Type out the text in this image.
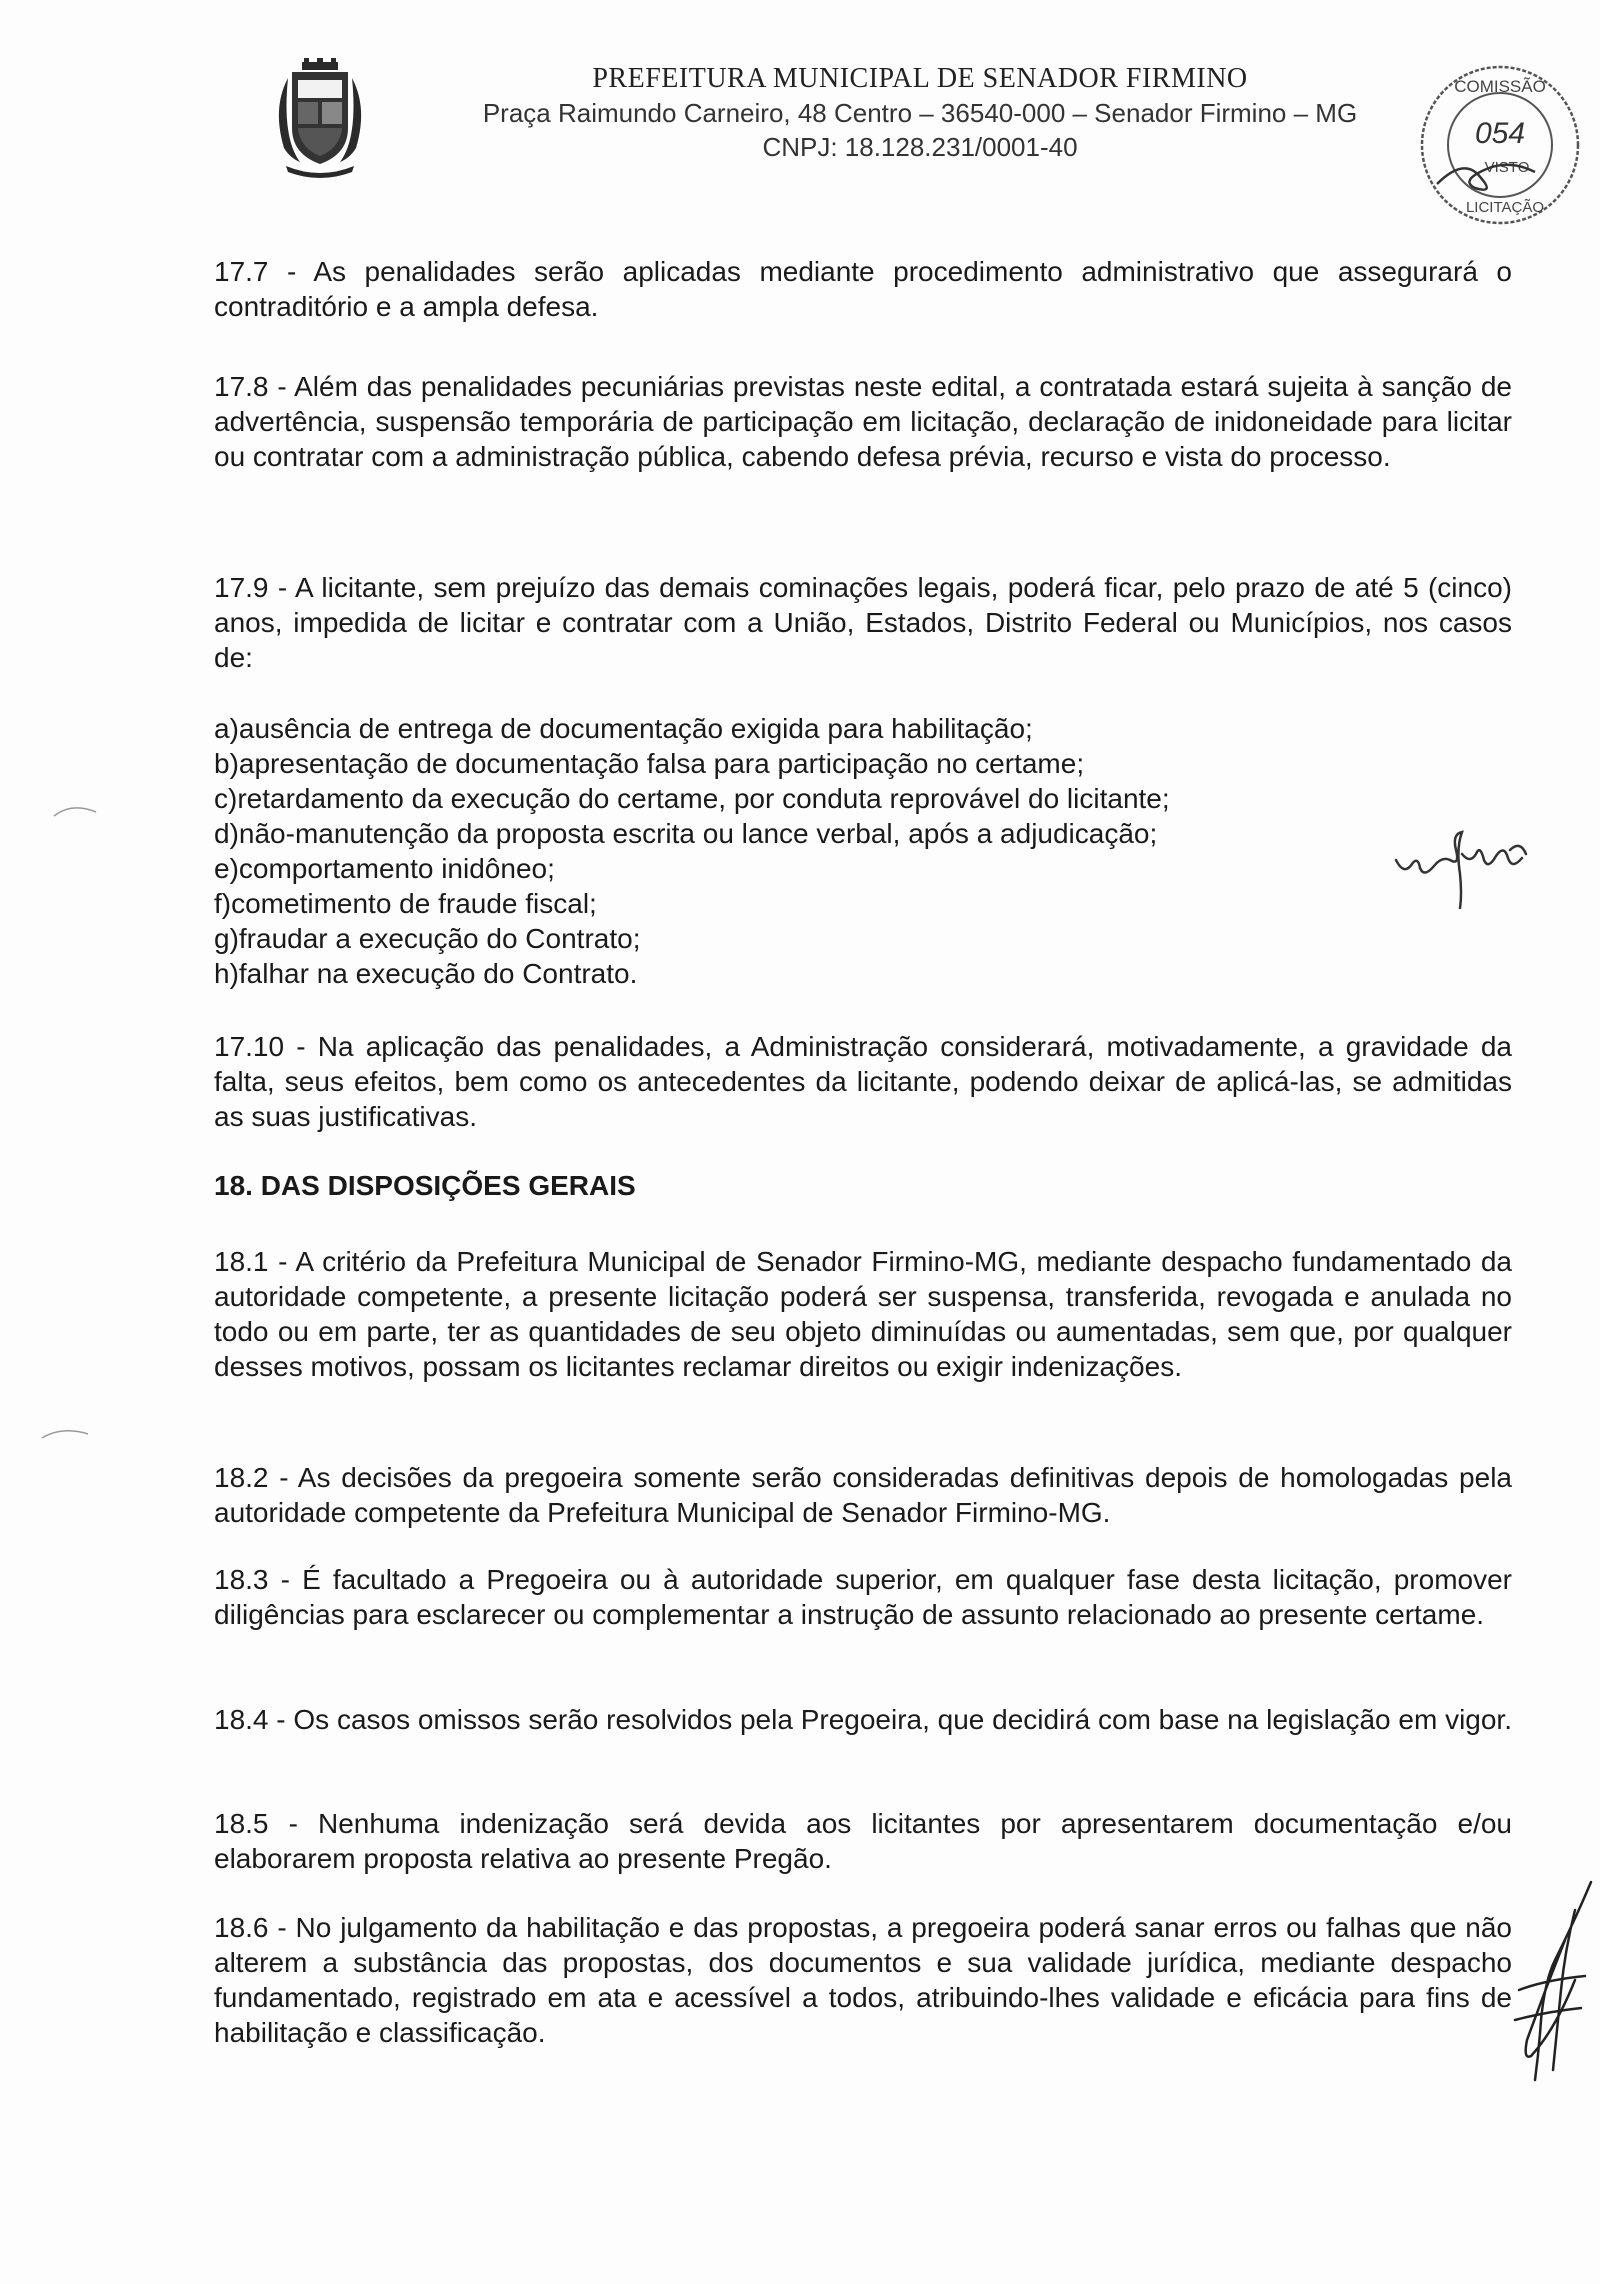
PREFEITURA MUNICIPAL DE SENADOR FIRMINO
Praça Raimundo Carneiro, 48 Centro – 36540-000 – Senador Firmino – MG
CNPJ: 18.128.231/0001-40
COMISSÃO
054
VISTO
LICITAÇÃO

17.7 - As penalidades serão aplicadas mediante procedimento administrativo que assegurará o contraditório e a ampla defesa.

17.8 - Além das penalidades pecuniárias previstas neste edital, a contratada estará sujeita à sanção de advertência, suspensão temporária de participação em licitação, declaração de inidoneidade para licitar ou contratar com a administração pública, cabendo defesa prévia, recurso e vista do processo.

17.9 - A licitante, sem prejuízo das demais cominações legais, poderá ficar, pelo prazo de até 5 (cinco) anos, impedida de licitar e contratar com a União, Estados, Distrito Federal ou Municípios, nos casos de:

a)ausência de entrega de documentação exigida para habilitação;

b)apresentação de documentação falsa para participação no certame;

c)retardamento da execução do certame, por conduta reprovável do licitante;

d)não-manutenção da proposta escrita ou lance verbal, após a adjudicação;

e)comportamento inidôneo;

f)cometimento de fraude fiscal;

g)fraudar a execução do Contrato;

h)falhar na execução do Contrato.

17.10 - Na aplicação das penalidades, a Administração considerará, motivadamente, a gravidade da falta, seus efeitos, bem como os antecedentes da licitante, podendo deixar de aplicá-las, se admitidas as suas justificativas.

18. DAS DISPOSIÇÕES GERAIS

18.1 - A critério da Prefeitura Municipal de Senador Firmino-MG, mediante despacho fundamentado da autoridade competente, a presente licitação poderá ser suspensa, transferida, revogada e anulada no todo ou em parte, ter as quantidades de seu objeto diminuídas ou aumentadas, sem que, por qualquer desses motivos, possam os licitantes reclamar direitos ou exigir indenizações.

18.2 - As decisões da pregoeira somente serão consideradas definitivas depois de homologadas pela autoridade competente da Prefeitura Municipal de Senador Firmino-MG.

18.3 - É facultado a Pregoeira ou à autoridade superior, em qualquer fase desta licitação, promover diligências para esclarecer ou complementar a instrução de assunto relacionado ao presente certame.

18.4 - Os casos omissos serão resolvidos pela Pregoeira, que decidirá com base na legislação em vigor.

18.5 - Nenhuma indenização será devida aos licitantes por apresentarem documentação e/ou elaborarem proposta relativa ao presente Pregão.

18.6 - No julgamento da habilitação e das propostas, a pregoeira poderá sanar erros ou falhas que não alterem a substância das propostas, dos documentos e sua validade jurídica, mediante despacho fundamentado, registrado em ata e acessível a todos, atribuindo-lhes validade e eficácia para fins de habilitação e classificação.
